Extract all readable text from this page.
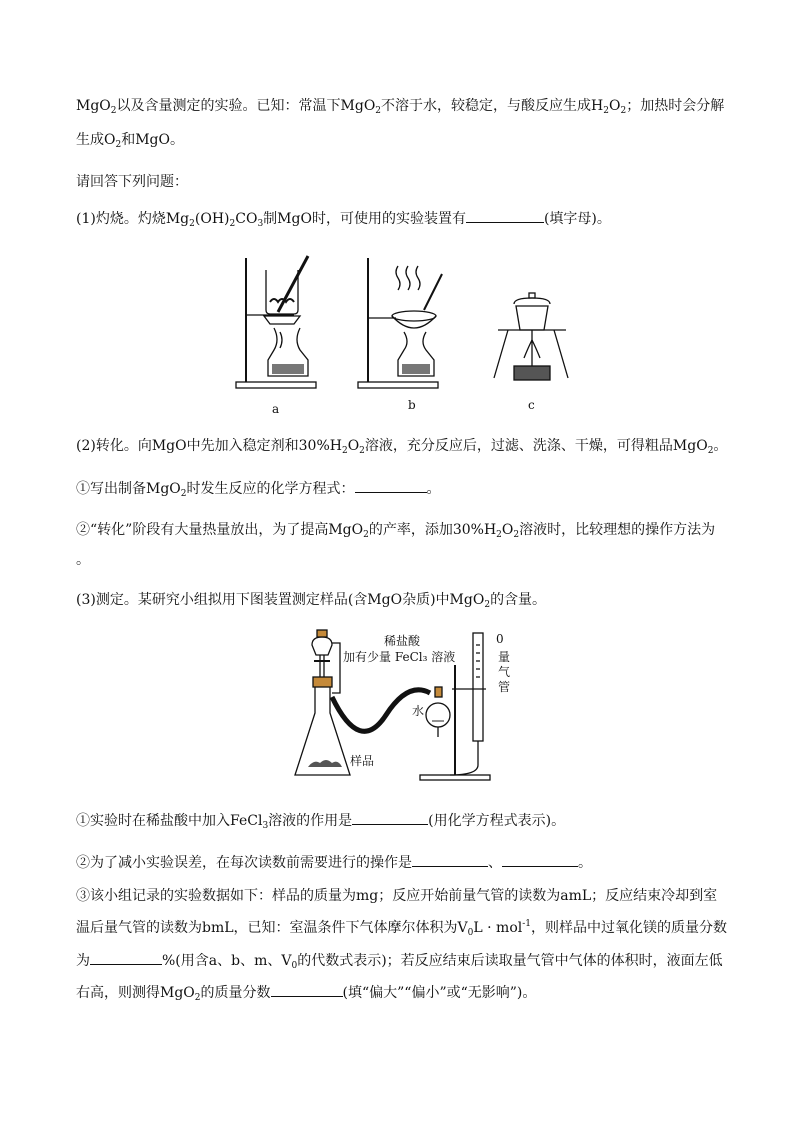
MgO$_2$以及含量测定的实验。已知：常温下MgO$_2$不溶于水，较稳定，与酸反应生成$H_2O_2$；加热时会分解
生成$O_2$和MgO。
请回答下列问题：
(1)灼烧。灼烧$Mg_2(OH)_2CO_3$制MgO时，可使用的实验装置有	(填字母)。
a	b	c
(2)转化。向MgO中先加入稳定剂和$30\%H_2O_2$溶液，充分反应后，过滤、洗涤、干燥，可得粗品MgO$_2$。
①写出制备MgO$_2$时发生反应的化学方程式：	。
②“转化”阶段有大量热量放出，为了提高MgO$_2$的产率，添加$30\%H_2O_2$溶液时，比较理想的操作方法为
。
(3)测定。某研究小组拟用下图装置测定样品(含MgO杂质)中MgO$_2$的含量。
稀盐酸
加有少量 FeCl₃ 溶液
0
量
气
管
水
样品
①实验时在稀盐酸中加入FeCl$_3$溶液的作用是	(用化学方程式表示)。
②为了减小实验误差，在每次读数前需要进行的操作是	、	。
③该小组记录的实验数据如下：样品的质量为mg；反应开始前量气管的读数为amL；反应结束冷却到室
温后量气管的读数为bmL，已知：室温条件下气体摩尔体积为$V_0L \cdot mol^{-1}$，则样品中过氧化镁的质量分数
为	%(用含a、b、m、$V_0$的代数式表示)；若反应结束后读取量气管中气体的体积时，液面左低
右高，则测得MgO$_2$的质量分数	(填“偏大”“偏小”或“无影响”)。
